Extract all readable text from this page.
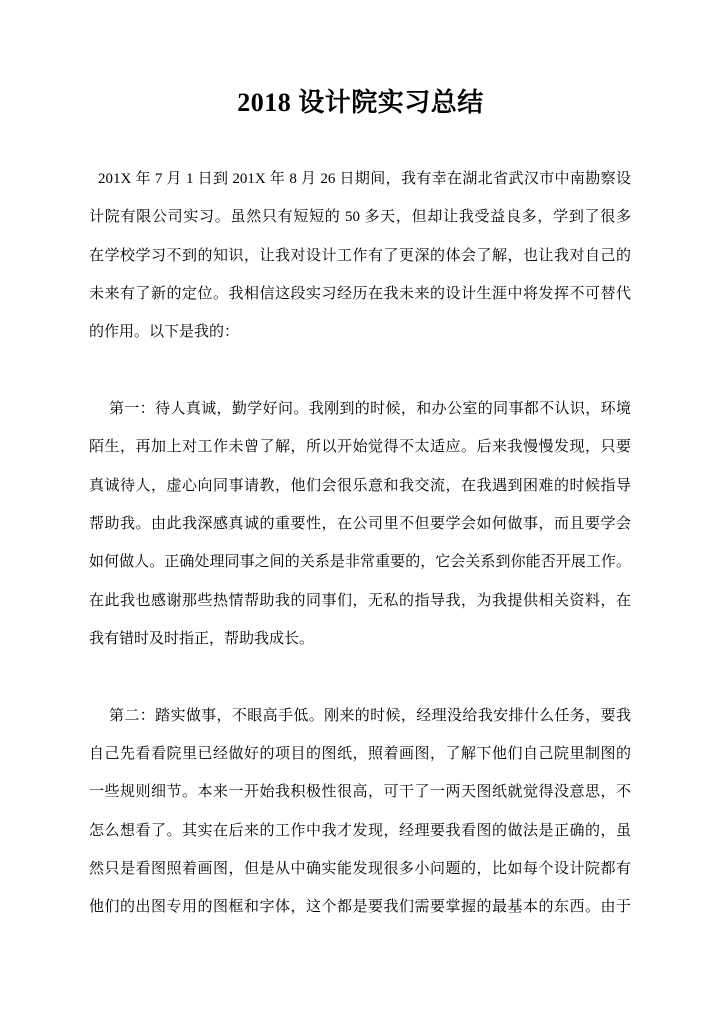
2018 设计院实习总结
201X 年 7 月 1 日到 201X 年 8 月 26 日期间，我有幸在湖北省武汉市中南勘察设
计院有限公司实习。虽然只有短短的 50 多天，但却让我受益良多，学到了很多
在学校学习不到的知识，让我对设计工作有了更深的体会了解，也让我对自己的
未来有了新的定位。我相信这段实习经历在我未来的设计生涯中将发挥不可替代
的作用。以下是我的：
第一：待人真诚，勤学好问。我刚到的时候，和办公室的同事都不认识，环境
陌生，再加上对工作未曾了解，所以开始觉得不太适应。后来我慢慢发现，只要
真诚待人，虚心向同事请教，他们会很乐意和我交流，在我遇到困难的时候指导
帮助我。由此我深感真诚的重要性，在公司里不但要学会如何做事，而且要学会
如何做人。正确处理同事之间的关系是非常重要的，它会关系到你能否开展工作。
在此我也感谢那些热情帮助我的同事们，无私的指导我，为我提供相关资料，在
我有错时及时指正，帮助我成长。
第二：踏实做事，不眼高手低。刚来的时候，经理没给我安排什么任务，要我
自己先看看院里已经做好的项目的图纸，照着画图，了解下他们自己院里制图的
一些规则细节。本来一开始我积极性很高，可干了一两天图纸就觉得没意思，不
怎么想看了。其实在后来的工作中我才发现，经理要我看图的做法是正确的，虽
然只是看图照着画图，但是从中确实能发现很多小问题的，比如每个设计院都有
他们的出图专用的图框和字体，这个都是要我们需要掌握的最基本的东西。由于
